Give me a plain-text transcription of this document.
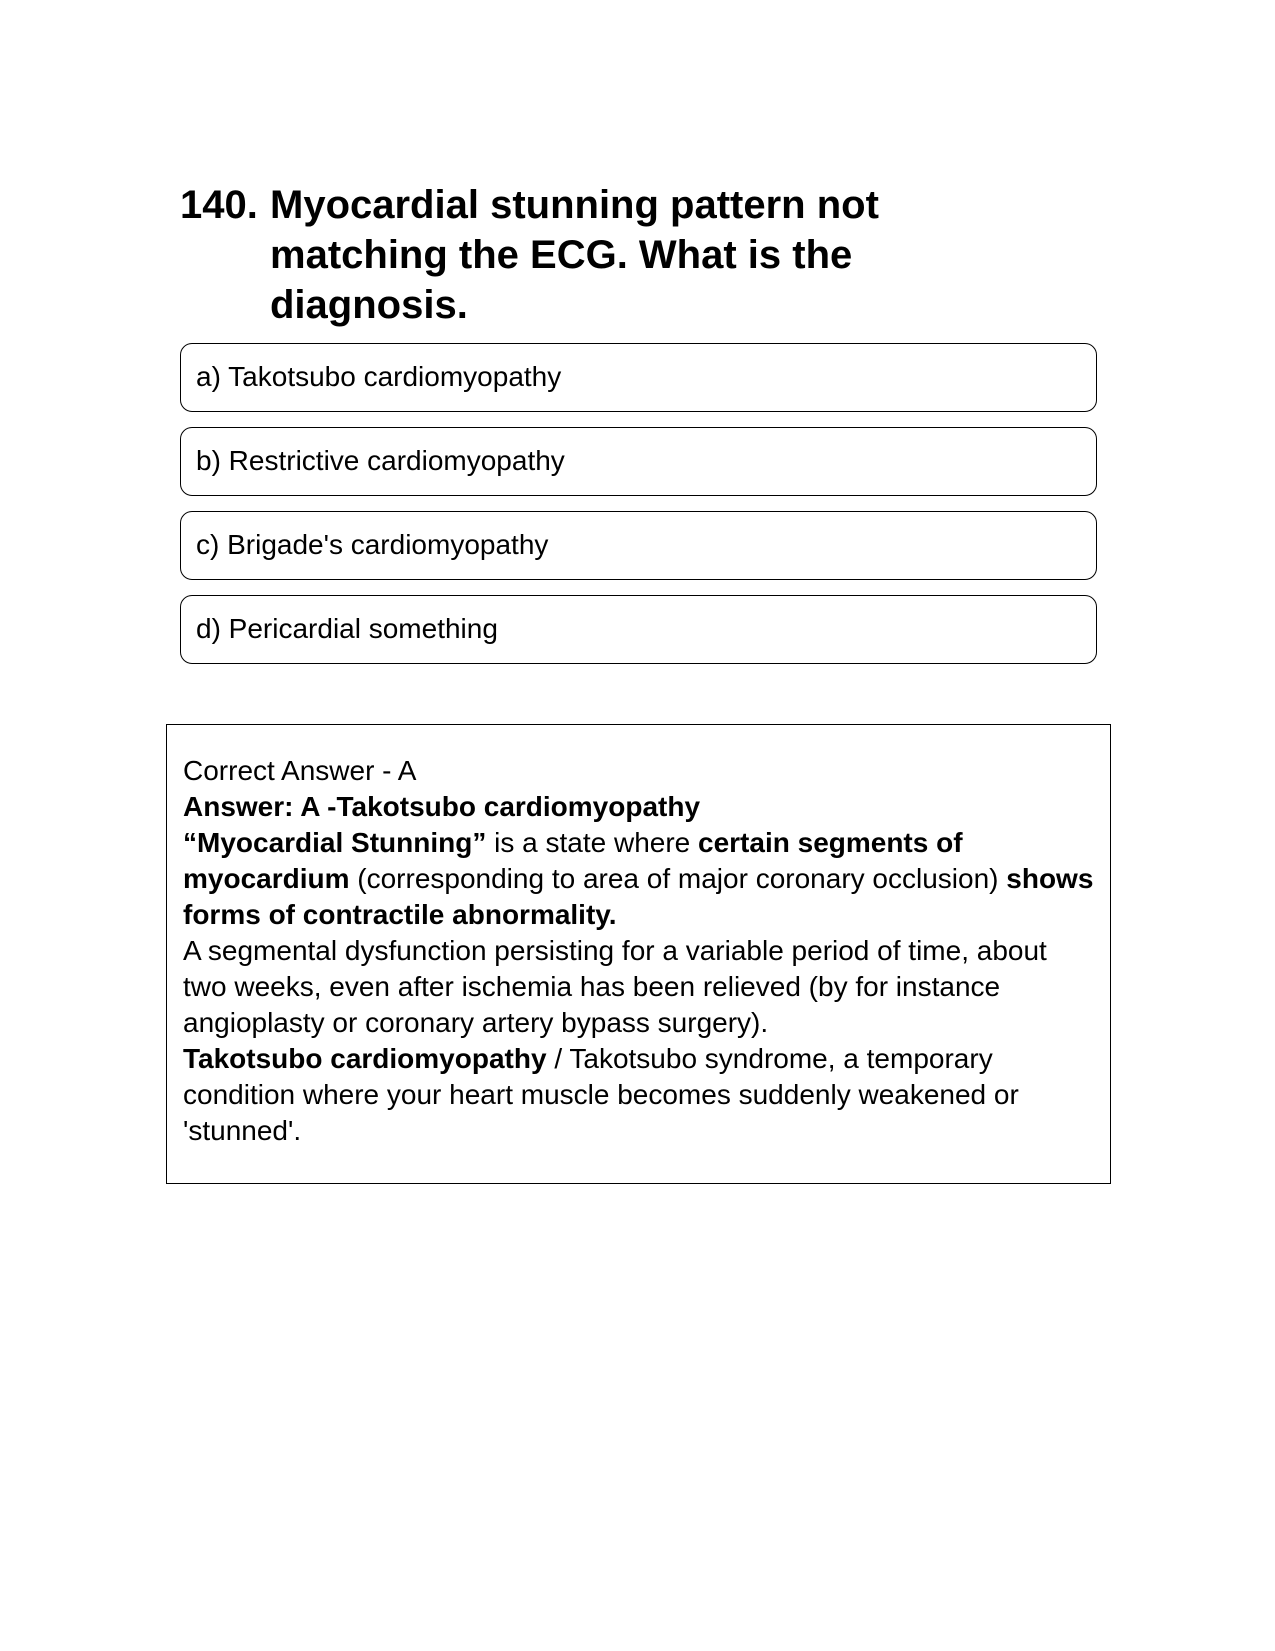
140. Myocardial stunning pattern not matching the ECG. What is the diagnosis.
a) Takotsubo cardiomyopathy
b) Restrictive cardiomyopathy
c) Brigade's cardiomyopathy
d) Pericardial something

Correct Answer - A

Answer: A -Takotsubo cardiomyopathy

“Myocardial Stunning” is a state where certain segments of myocardium (corresponding to area of major coronary occlusion) shows forms of contractile abnormality.

A segmental dysfunction persisting for a variable period of time, about two weeks, even after ischemia has been relieved (by for instance angioplasty or coronary artery bypass surgery).

Takotsubo cardiomyopathy / Takotsubo syndrome, a temporary condition where your heart muscle becomes suddenly weakened or 'stunned'.
